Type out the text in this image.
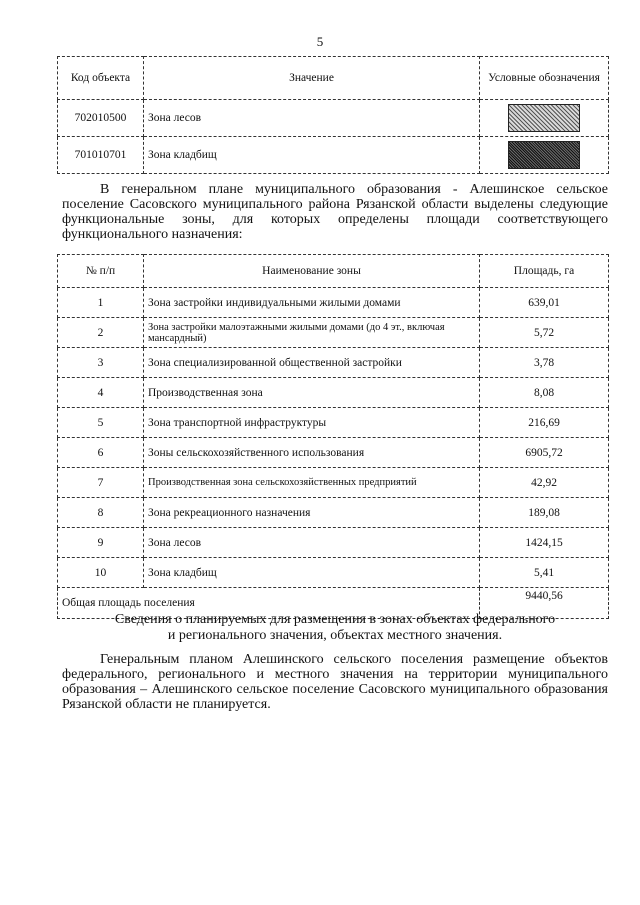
5
Код объекта	Значение	Условные обозначения
702010500	Зона лесов	

701010701	Зона кладбищ	
В генеральном плане муниципального образования - Алешинское сельское поселение Сасовского муниципального района Рязанской области выделены следующие функциональные зоны, для которых определены площади соответствующего функционального назначения:
№ п/п	Наименование зоны	Площадь, га
1	Зона застройки индивидуальными жилыми домами	639,01
2	Зона застройки малоэтажными жилыми домами (до 4 эт., включая мансардный)	5,72
3	Зона специализированной общественной застройки	3,78
4	Производственная зона	8,08
5	Зона транспортной инфраструктуры	216,69
6	Зоны сельскохозяйственного использования	6905,72
7	Производственная зона сельскохозяйственных предприятий	42,92
8	Зона рекреационного назначения	189,08
9	Зона лесов	1424,15
10	Зона кладбищ	5,41
Общая площадь поселения		9440,56
Сведения о планируемых для размещения в зонах объектах федерального
и регионального значения, объектах местного значения.
Генеральным планом Алешинского сельского поселения размещение объектов федерального, регионального и местного значения на территории муниципального образования – Алешинского сельское поселение Сасовского муниципального образования Рязанской области не планируется.
